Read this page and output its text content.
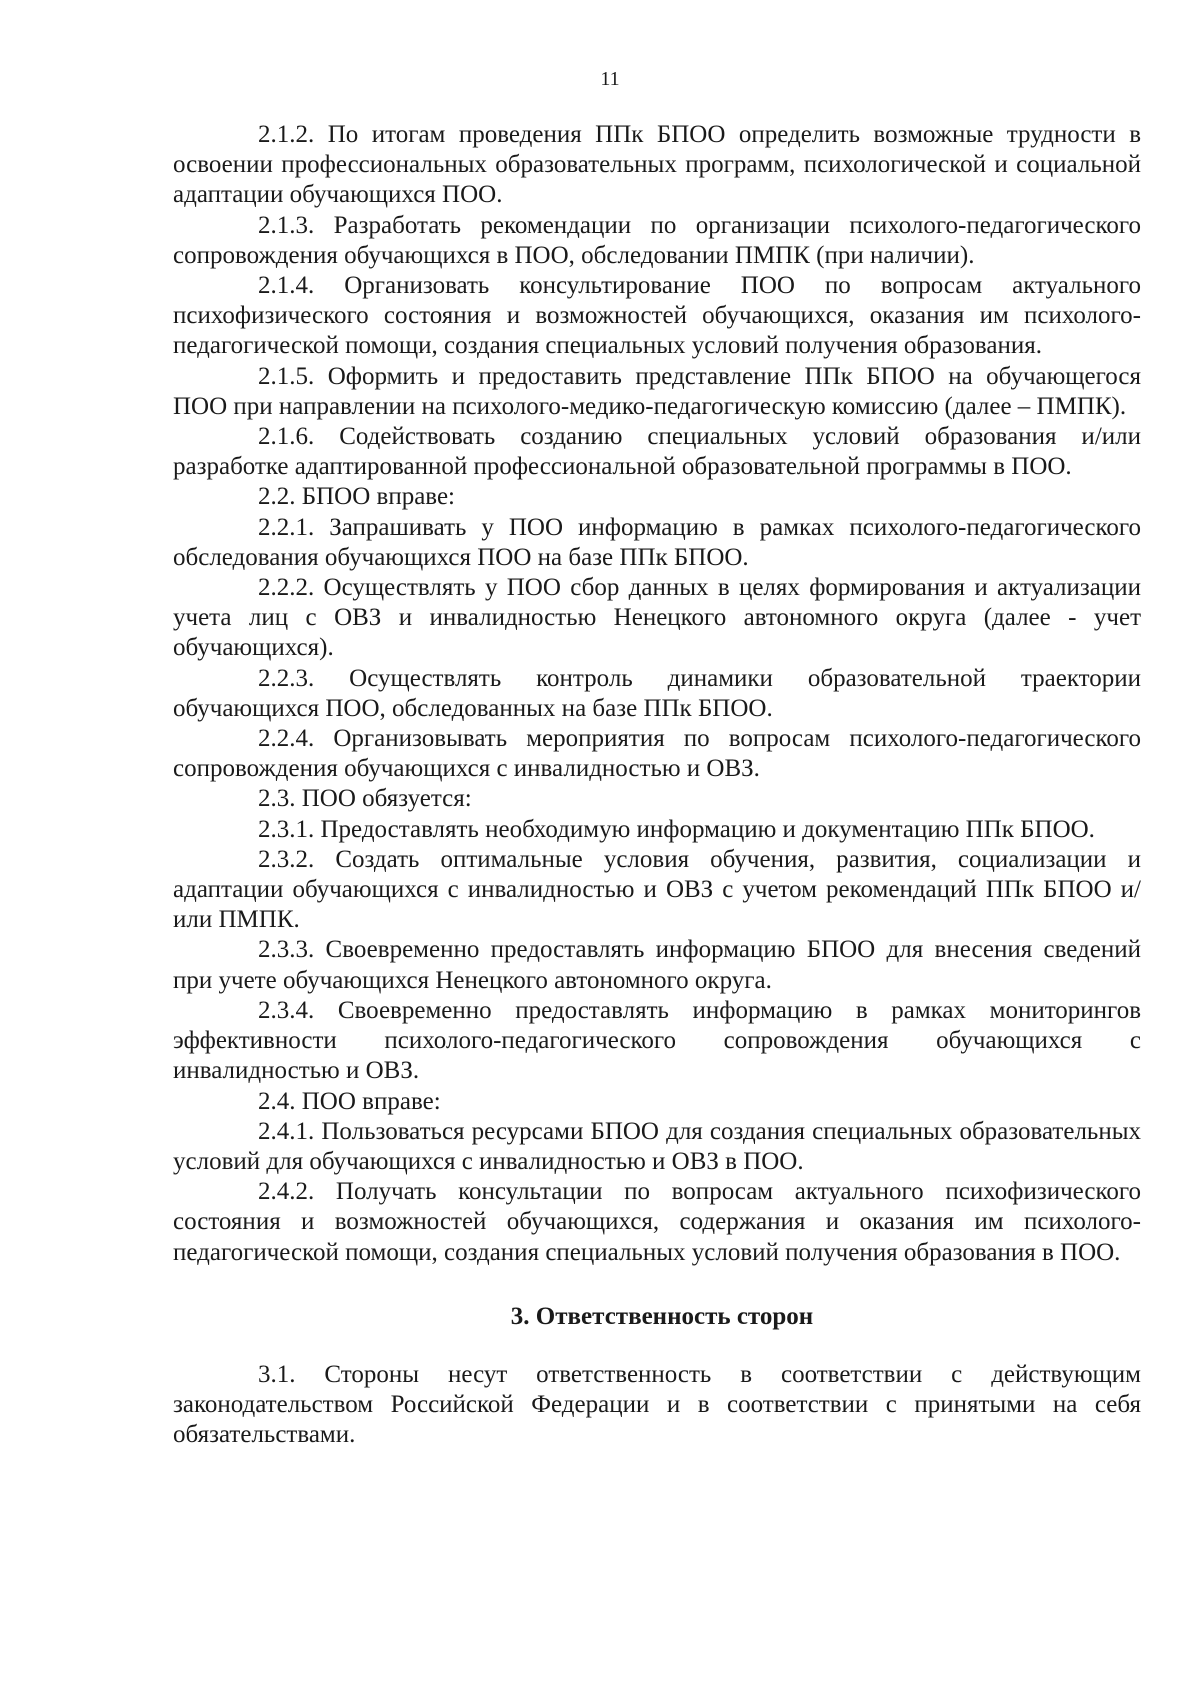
11

2.1.2. По итогам проведения ППк БПОО определить возможные трудности в освоении профессиональных образовательных программ, психологической и социальной адаптации обучающихся ПОО.

2.1.3. Разработать рекомендации по организации психолого-педагогического сопровождения обучающихся в ПОО, обследовании ПМПК (при наличии).

2.1.4. Организовать консультирование ПОО по вопросам актуального психофизического состояния и возможностей обучающихся, оказания им психолого-педагогической помощи, создания специальных условий получения образования.

2.1.5. Оформить и предоставить представление ППк БПОО на обучающегося ПОО при направлении на психолого-медико-педагогическую комиссию (далее – ПМПК).

2.1.6. Содействовать созданию специальных условий образования и/или разработке адаптированной профессиональной образовательной программы в ПОО.

2.2. БПОО вправе:

2.2.1. Запрашивать у ПОО информацию в рамках психолого-педагогического обследования обучающихся ПОО на базе ППк БПОО.

2.2.2. Осуществлять у ПОО сбор данных в целях формирования и актуализации учета лиц с ОВЗ и инвалидностью Ненецкого автономного округа (далее - учет обучающихся).

2.2.3. Осуществлять контроль динамики образовательной траектории обучающихся ПОО, обследованных на базе ППк БПОО.

2.2.4. Организовывать мероприятия по вопросам психолого-педагогического сопровождения обучающихся с инвалидностью и ОВЗ.

2.3. ПОО обязуется:

2.3.1. Предоставлять необходимую информацию и документацию ППк БПОО.

2.3.2. Создать оптимальные условия обучения, развития, социализации и адаптации обучающихся с инвалидностью и ОВЗ с учетом рекомендаций ППк БПОО и/или ПМПК.

2.3.3. Своевременно предоставлять информацию БПОО для внесения сведений при учете обучающихся Ненецкого автономного округа.

2.3.4. Своевременно предоставлять информацию в рамках мониторингов эффективности психолого-педагогического сопровождения обучающихся с инвалидностью и ОВЗ.

2.4. ПОО вправе:

2.4.1. Пользоваться ресурсами БПОО для создания специальных образовательных условий для обучающихся с инвалидностью и ОВЗ в ПОО.

2.4.2. Получать консультации по вопросам актуального психофизического состояния и возможностей обучающихся, содержания и оказания им психолого-педагогической помощи, создания специальных условий получения образования в ПОО.

3. Ответственность сторон

3.1. Стороны несут ответственность в соответствии с действующим законодательством Российской Федерации и в соответствии с принятыми на себя обязательствами.
